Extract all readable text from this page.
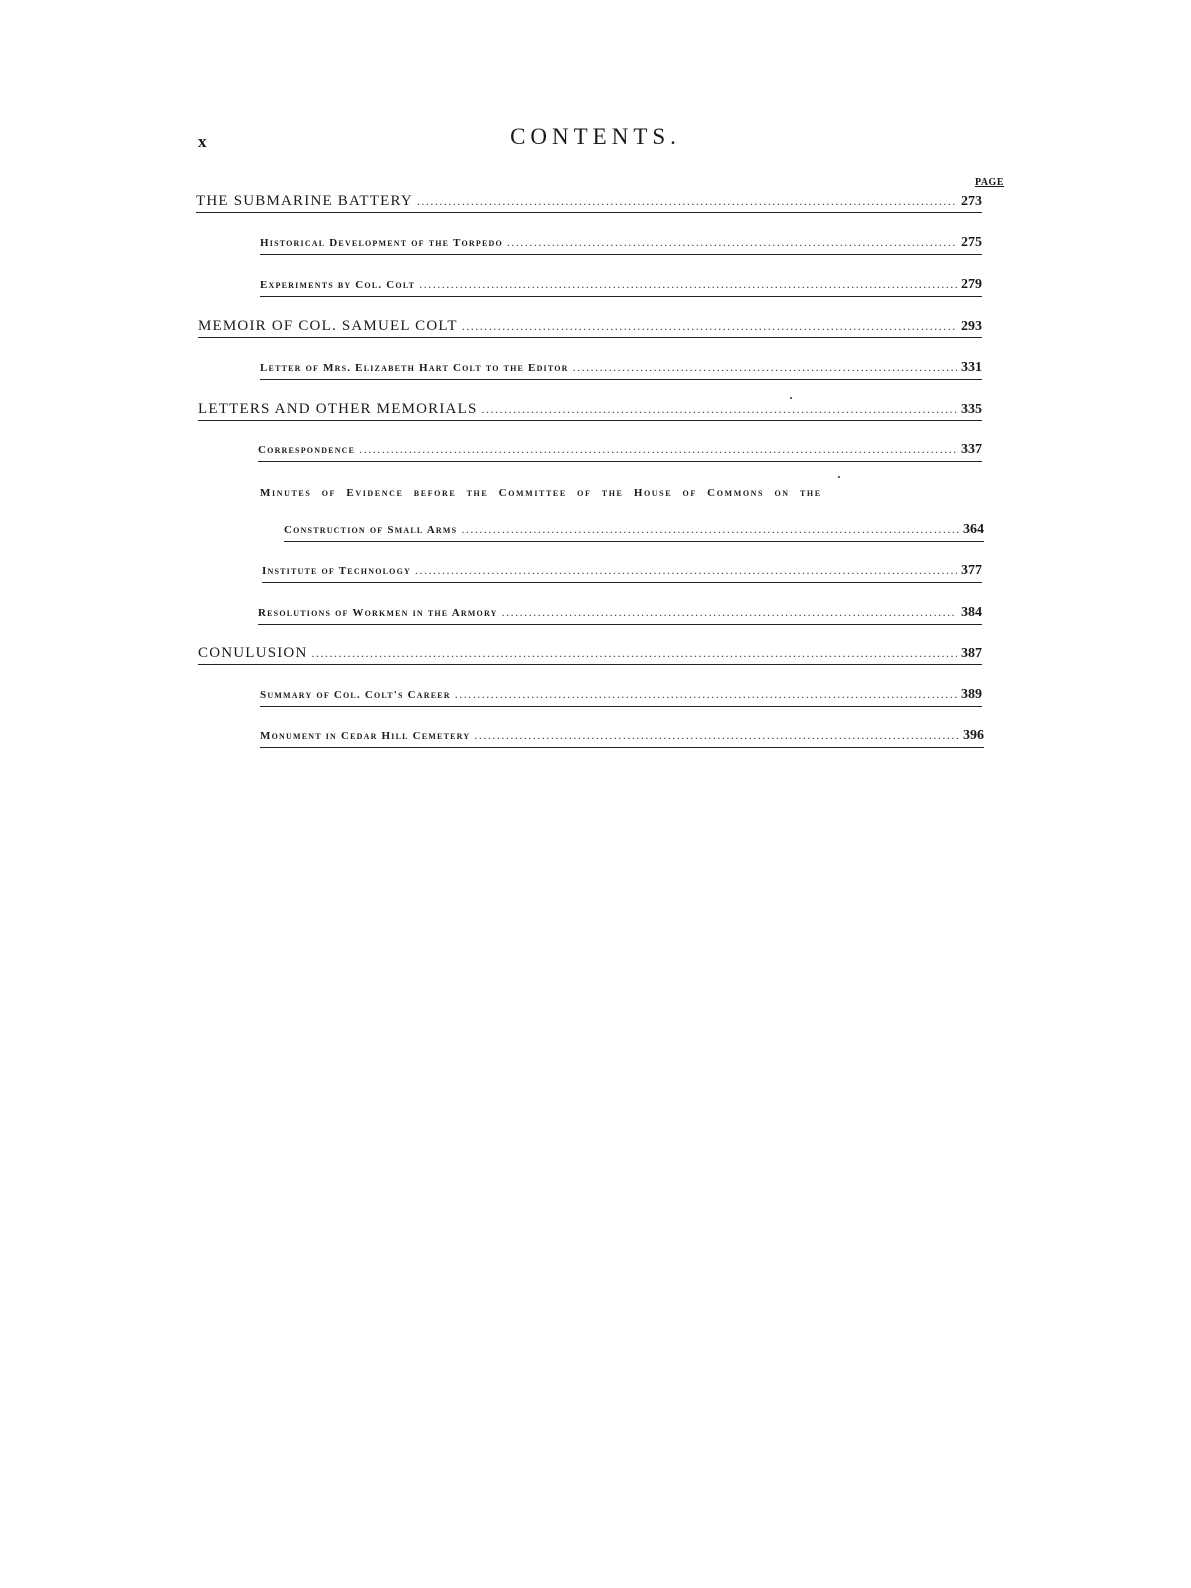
x	CONTENTS.
PAGE
THE SUBMARINE BATTERY .....	273
Historical Development of the Torpedo .....	275
Experiments by Col. Colt .....	279
MEMOIR OF COL. SAMUEL COLT .....	293
Letter of Mrs. Elizabeth Hart Colt to the Editor .....	331
LETTERS AND OTHER MEMORIALS .....	335
Correspondence .....	337
Minutes of Evidence before the Committee of the House of Commons on the
Construction of Small Arms .....	364
Institute of Technology .....	377
Resolutions of Workmen in the Armory .....	384
CONULUSION .....	387
Summary of Col. Colt's Career .....	389
Monument in Cedar Hill Cemetery .....	396
